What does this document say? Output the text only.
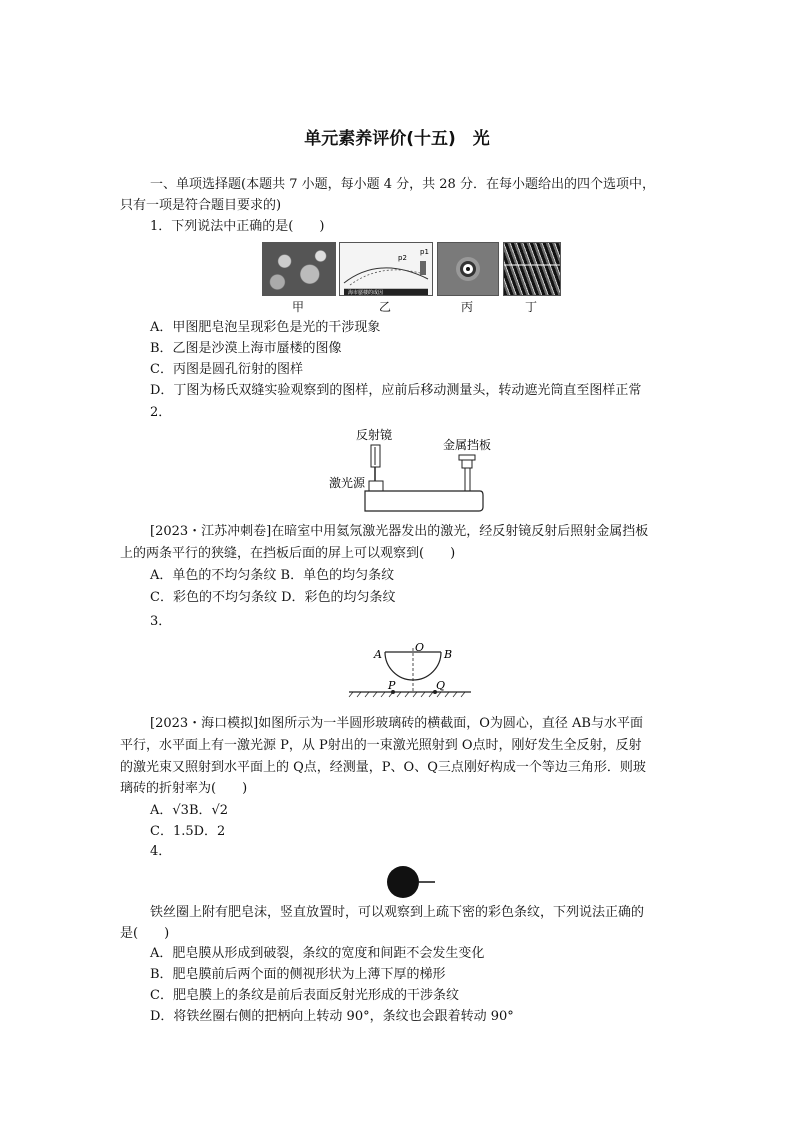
单元素养评价(十五)　光
一、单项选择题(本题共 7 小题，每小题 4 分，共 28 分．在每小题给出的四个选项中，
只有一项是符合题目要求的)
1．下列说法中正确的是(　　)
p2
p1
海市蜃楼的成因
甲	乙	丙	丁
A．甲图肥皂泡呈现彩色是光的干涉现象
B．乙图是沙漠上海市蜃楼的图像
C．丙图是圆孔衍射的图样
D．丁图为杨氏双缝实验观察到的图样，应前后移动测量头，转动遮光筒直至图样正常
2．
反射镜
金属挡板
激光源
[2023・江苏冲刺卷]在暗室中用氦氖激光器发出的激光，经反射镜反射后照射金属挡板
上的两条平行的狭缝，在挡板后面的屏上可以观察到(　　)
A．单色的不均匀条纹 B．单色的均匀条纹
C．彩色的不均匀条纹 D．彩色的均匀条纹
3．
A
O
B
P	Q
[2023・海口模拟]如图所示为一半圆形玻璃砖的横截面，O为圆心，直径 AB与水平面
平行，水平面上有一激光源 P，从 P射出的一束激光照射到 O点时，刚好发生全反射，反射
的激光束又照射到水平面上的 Q点，经测量，P、O、Q三点刚好构成一个等边三角形．则玻
璃砖的折射率为(　　)
A．√3B．√2
C．1.5D．2
4．
铁丝圈上附有肥皂沫，竖直放置时，可以观察到上疏下密的彩色条纹，下列说法正确的
是(　　)
A．肥皂膜从形成到破裂，条纹的宽度和间距不会发生变化
B．肥皂膜前后两个面的侧视形状为上薄下厚的梯形
C．肥皂膜上的条纹是前后表面反射光形成的干涉条纹
D．将铁丝圈右侧的把柄向上转动 90°，条纹也会跟着转动 90°
